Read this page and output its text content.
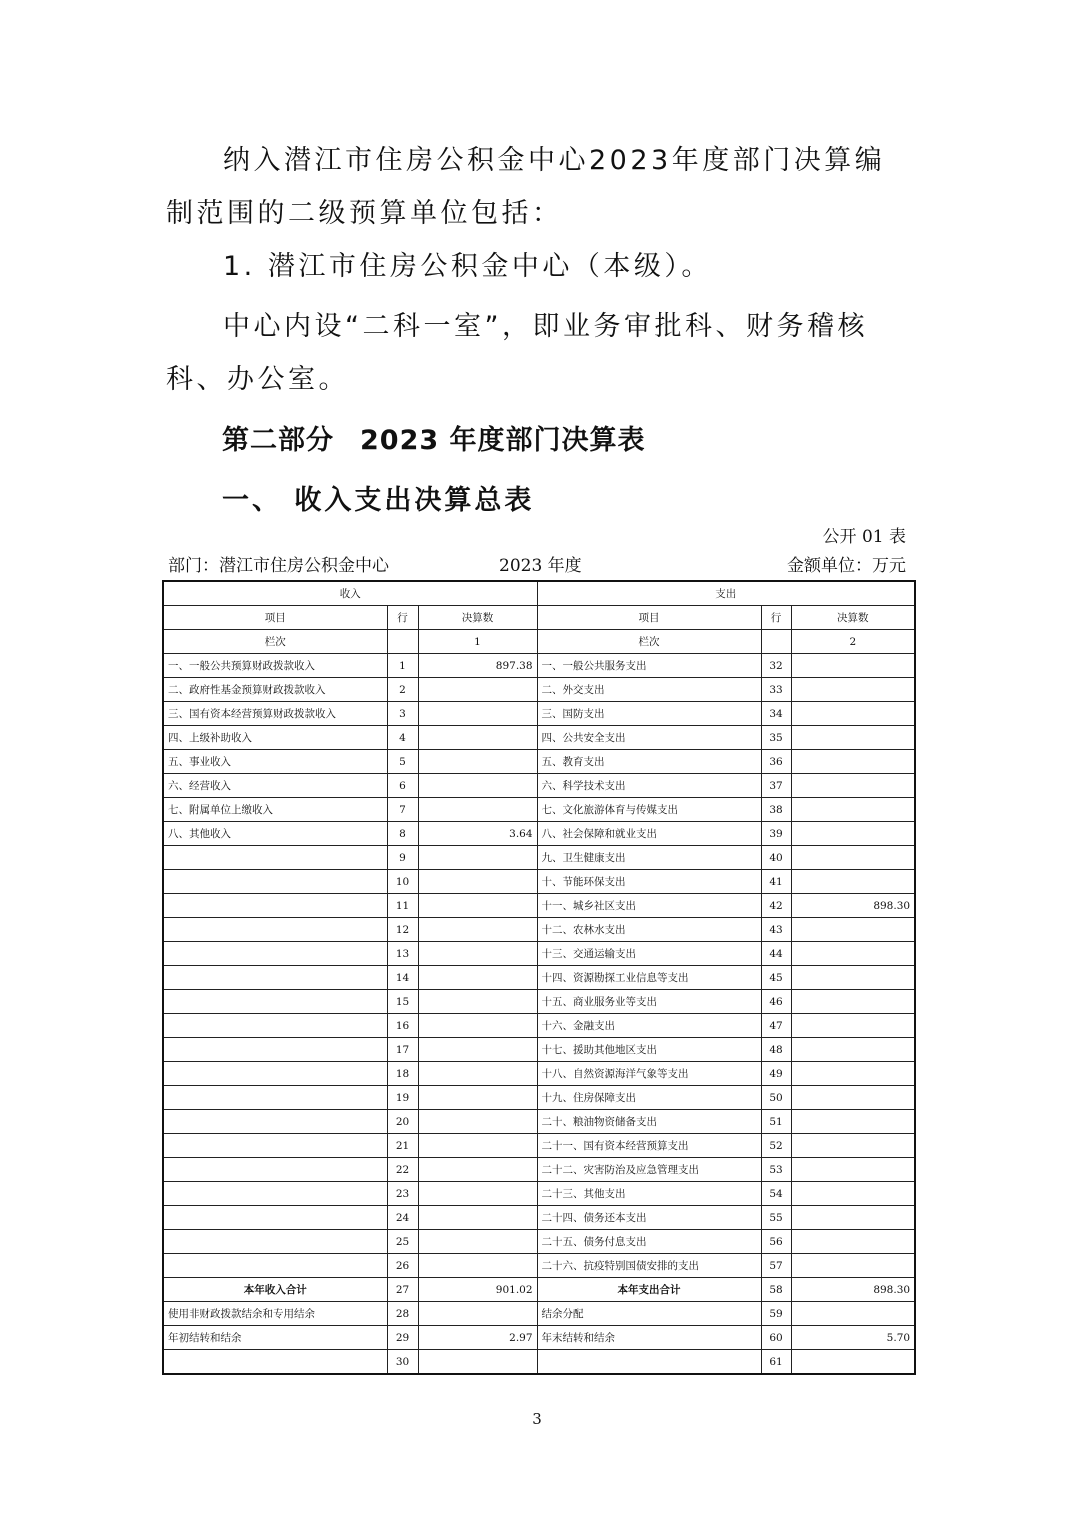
纳入潜江市住房公积金中心2023年度部门决算编制范围的二级预算单位包括：

1. 潜江市住房公积金中心（本级）。

中心内设“二科一室”，即业务审批科、财务稽核科、办公室。

第二部分 2023 年度部门决算表
一、 收入支出决算总表
公开 01 表
部门：潜江市住房公积金中心	2023 年度	金额单位：万元
收入			支出		
项目	行	决算数	项目	行	决算数
栏次		1	栏次		2
一、一般公共预算财政拨款收入	1	897.38	一、一般公共服务支出	32	
二、政府性基金预算财政拨款收入	2		二、外交支出	33	
三、国有资本经营预算财政拨款收入	3		三、国防支出	34	
四、上级补助收入	4		四、公共安全支出	35	
五、事业收入	5		五、教育支出	36	
六、经营收入	6		六、科学技术支出	37	
七、附属单位上缴收入	7		七、文化旅游体育与传媒支出	38	
八、其他收入	8	3.64	八、社会保障和就业支出	39	
	9		九、卫生健康支出	40	
	10		十、节能环保支出	41	
	11		十一、城乡社区支出	42	898.30
	12		十二、农林水支出	43	
	13		十三、交通运输支出	44	
	14		十四、资源勘探工业信息等支出	45	
	15		十五、商业服务业等支出	46	
	16		十六、金融支出	47	
	17		十七、援助其他地区支出	48	
	18		十八、自然资源海洋气象等支出	49	
	19		十九、住房保障支出	50	
	20		二十、粮油物资储备支出	51	
	21		二十一、国有资本经营预算支出	52	
	22		二十二、灾害防治及应急管理支出	53	
	23		二十三、其他支出	54	
	24		二十四、债务还本支出	55	
	25		二十五、债务付息支出	56	
	26		二十六、抗疫特别国债安排的支出	57	
本年收入合计	27	901.02	本年支出合计	58	898.30
使用非财政拨款结余和专用结余	28		结余分配	59	
年初结转和结余	29	2.97	年末结转和结余	60	5.70
	30			61	
3
